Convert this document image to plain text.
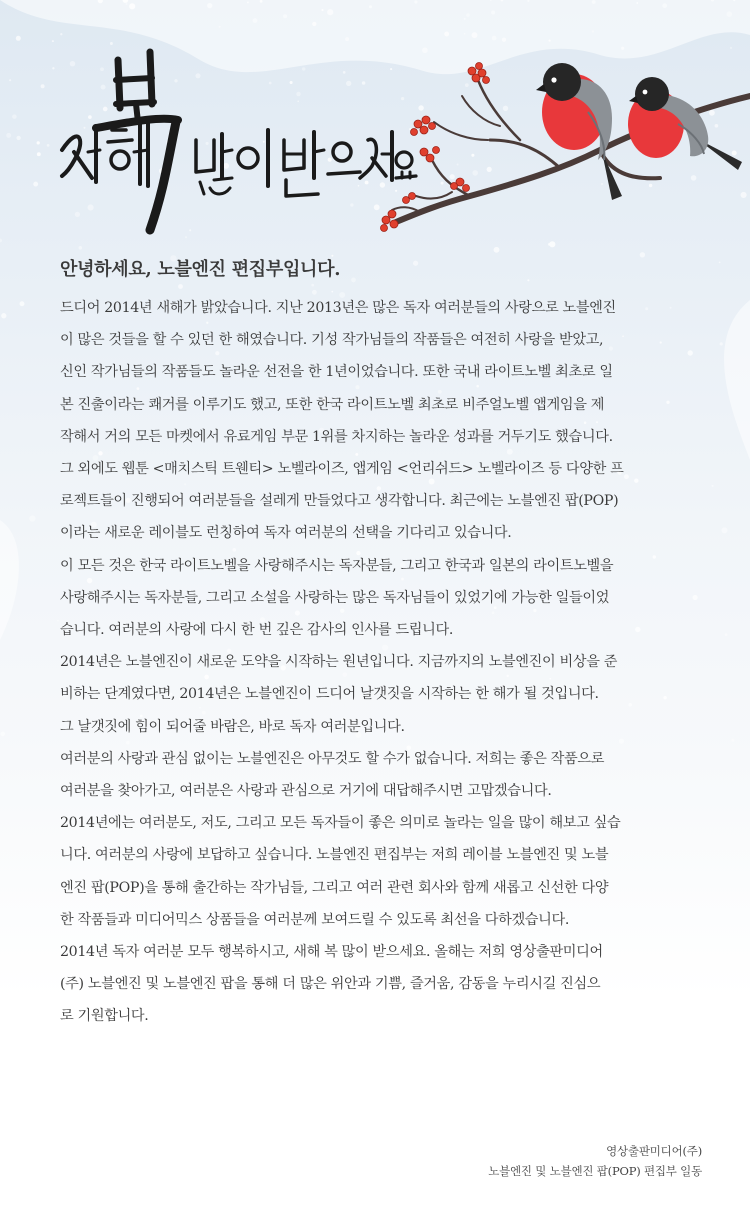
안녕하세요, 노블엔진 편집부입니다.

드디어 2014년 새해가 밝았습니다. 지난 2013년은 많은 독자 여러분들의 사랑으로 노블엔진

이 많은 것들을 할 수 있던 한 해였습니다. 기성 작가님들의 작품들은 여전히 사랑을 받았고,

신인 작가님들의 작품들도 놀라운 선전을 한 1년이었습니다. 또한 국내 라이트노벨 최초로 일

본 진출이라는 쾌거를 이루기도 했고, 또한 한국 라이트노벨 최초로 비주얼노벨 앱게임을 제

작해서 거의 모든 마켓에서 유료게임 부문 1위를 차지하는 놀라운 성과를 거두기도 했습니다.

그 외에도 웹툰 <매치스틱 트웬티> 노벨라이즈, 앱게임 <언리쉬드> 노벨라이즈 등 다양한 프

로젝트들이 진행되어 여러분들을 설레게 만들었다고 생각합니다. 최근에는 노블엔진 팝(POP)

이라는 새로운 레이블도 런칭하여 독자 여러분의 선택을 기다리고 있습니다.

이 모든 것은 한국 라이트노벨을 사랑해주시는 독자분들, 그리고 한국과 일본의 라이트노벨을

사랑해주시는 독자분들, 그리고 소설을 사랑하는 많은 독자님들이 있었기에 가능한 일들이었

습니다. 여러분의 사랑에 다시 한 번 깊은 감사의 인사를 드립니다.

2014년은 노블엔진이 새로운 도약을 시작하는 원년입니다. 지금까지의 노블엔진이 비상을 준

비하는 단계였다면, 2014년은 노블엔진이 드디어 날갯짓을 시작하는 한 해가 될 것입니다.

그 날갯짓에 힘이 되어줄 바람은, 바로 독자 여러분입니다.

여러분의 사랑과 관심 없이는 노블엔진은 아무것도 할 수가 없습니다. 저희는 좋은 작품으로

여러분을 찾아가고, 여러분은 사랑과 관심으로 거기에 대답해주시면 고맙겠습니다.

2014년에는 여러분도, 저도, 그리고 모든 독자들이 좋은 의미로 놀라는 일을 많이 해보고 싶습

니다. 여러분의 사랑에 보답하고 싶습니다. 노블엔진 편집부는 저희 레이블 노블엔진 및 노블

엔진 팝(POP)을 통해 출간하는 작가님들, 그리고 여러 관련 회사와 함께 새롭고 신선한 다양

한 작품들과 미디어믹스 상품들을 여러분께 보여드릴 수 있도록 최선을 다하겠습니다.

2014년 독자 여러분 모두 행복하시고, 새해 복 많이 받으세요. 올해는 저희 영상출판미디어

(주) 노블엔진 및 노블엔진 팝을 통해 더 많은 위안과 기쁨, 즐거움, 감동을 누리시길 진심으

로 기원합니다.

영상출판미디어(주)
노블엔진 및 노블엔진 팝(POP) 편집부 일동
